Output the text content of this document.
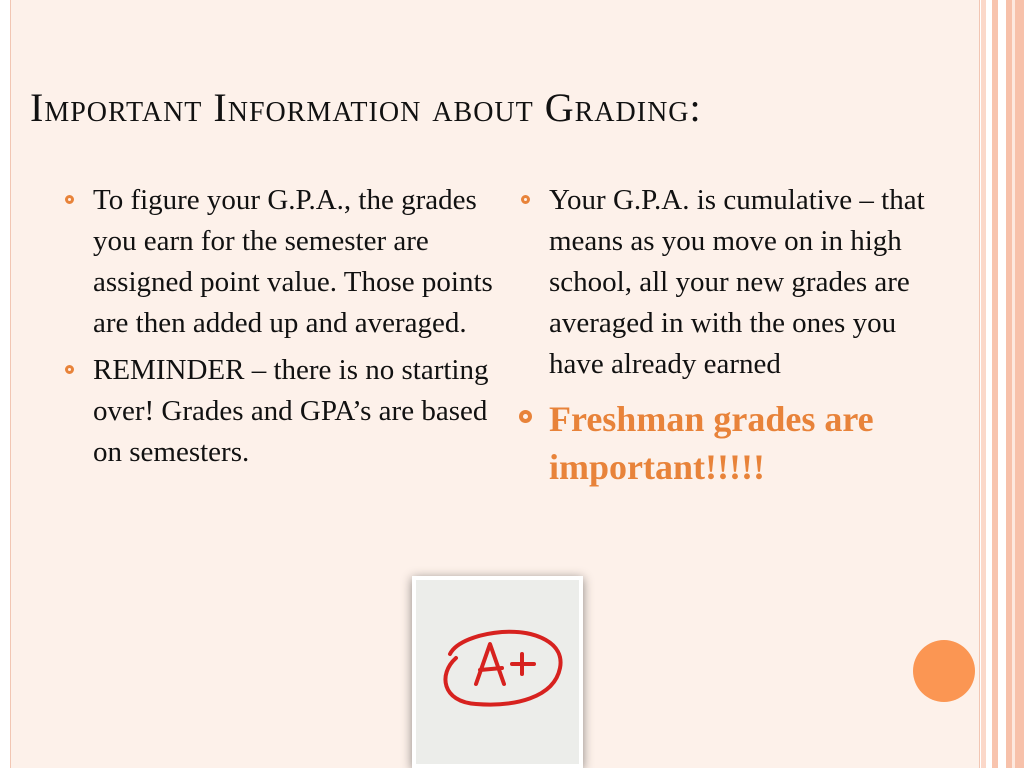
Important Information about Grading:
To figure your G.P.A., the grades you earn for the semester are assigned point value. Those points are then added up and averaged.
REMINDER – there is no starting over! Grades and GPA’s are based on semesters.
Your G.P.A. is cumulative – that means as you move on in high school, all your new grades are averaged in with the ones you have already earned
Freshman grades are important!!!!!
